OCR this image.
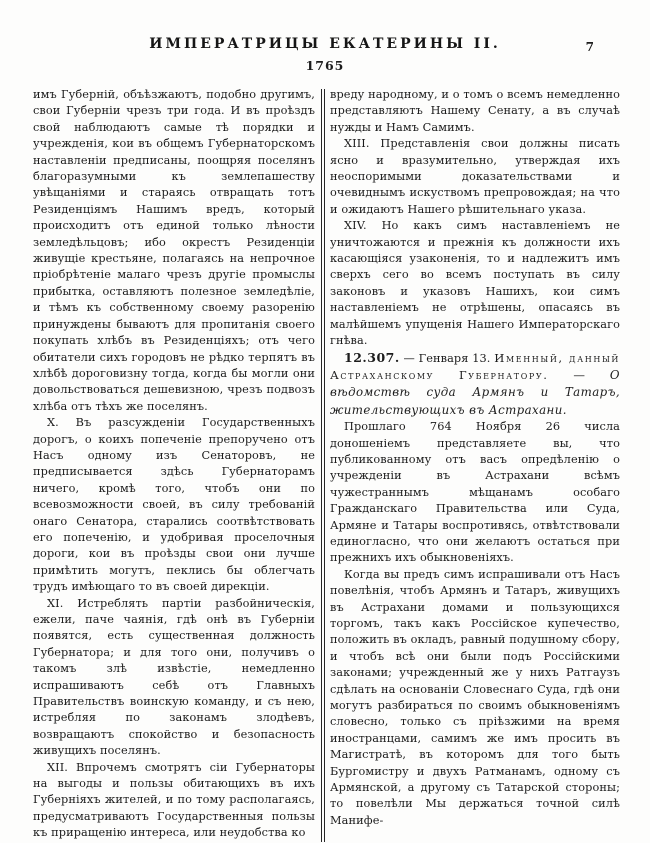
ИМПЕРАТРИЦЫ ЕКАТЕРИНЫ II.	7
1765

имъ Губерній, объѣзжаютъ, подобно другимъ, свои Губерніи чрезъ три года. И въ проѣздъ свой наблюдаютъ самые тѣ порядки и учрежденія, кои въ общемъ Губернаторскомъ наставленіи предписаны, поощряя поселянъ благоразумными къ землепашеству увѣщаніями и стараясь отвращать тотъ Резиденціямъ Нашимъ вредъ, который происходитъ отъ единой только лѣности земледѣльцовъ; ибо окрестъ Резиденціи живущіе крестьяне, полагаясь на непрочное пріобрѣтеніе малаго чрезъ другіе промыслы прибытка, оставляютъ полезное земледѣліе, и тѣмъ къ собственному своему разоренію принуждены бываютъ для пропитанія своего покупать хлѣбъ въ Резиденціяхъ; отъ чего обитатели сихъ городовъ не рѣдко терпятъ въ хлѣбѣ дороговизну тогда, когда бы могли они довольствоваться дешевизною, чрезъ подвозъ хлѣба отъ тѣхъ же поселянъ.

X. Въ разсужденіи Государственныхъ дорогъ, о коихъ попеченіе препоручено отъ Насъ одному изъ Сенаторовъ, не предписывается здѣсь Губернаторамъ ничего, кромѣ того, чтобъ они по всевозможности своей, въ силу требованій онаго Сенатора, старались соотвѣтствовать его попеченію, и удобривая проселочныя дороги, кои въ проѣзды свои они лучше примѣтить могутъ, пеклись бы облегчать трудъ имѣющаго то въ своей дирекціи.

XI. Истреблять партіи разбойническія, ежели, паче чаянія, гдѣ онѣ въ Губерніи появятся, есть существенная должность Губернатора; и для того они, получивъ о такомъ злѣ извѣстіе, немедленно испрашиваютъ себѣ отъ Главныхъ Правительствъ воинскую команду, и съ нею, истребляя по законамъ злодѣевъ, возвращаютъ спокойство и безопасность живущихъ поселянъ.

XII. Впрочемъ смотрятъ сіи Губернаторы на выгоды и пользы обитающихъ въ ихъ Губерніяхъ жителей, и по тому располагаясь, предусматриваютъ Государственныя пользы къ приращенію интереса, или неудобства ко

вреду народному, и о томъ о всемъ немедленно представляютъ Нашему Сенату, а въ случаѣ нужды и Намъ Самимъ.

XIII. Представленія свои должны писать ясно и вразумительно, утверждая ихъ неоспоримыми доказательствами и очевиднымъ искуствомъ препровождая; на что и ожидаютъ Нашего рѣшительнаго указа.

XIV. Но какъ симъ наставленіемъ не уничтожаются и прежнія къ должности ихъ касающіяся узаконенія, то и надлежитъ имъ сверхъ сего во всемъ поступать въ силу законовъ и указовъ Нашихъ, кои симъ наставленіемъ не отрѣшены, опасаясь въ малѣйшемъ упущенія Нашего Императорскаго гнѣва.

12.307. — Генваря 13. Именный, данный Астраханскому Губернатору. — О вѣдомствѣ суда Армянъ и Татаръ, жительствующихъ въ Астрахани.

Прошлаго 764 Ноября 26 числа доношеніемъ представляете вы, что публикованному отъ васъ опредѣленію о учрежденіи въ Астрахани всѣмъ чужестраннымъ мѣщанамъ особаго Гражданскаго Правительства или Суда, Армяне и Татары воспротивясь, отвѣтствовали единогласно, что они желаютъ остаться при прежнихъ ихъ обыкновеніяхъ.

Когда вы предъ симъ испрашивали отъ Насъ повелѣнія, чтобъ Армянъ и Татаръ, живущихъ въ Астрахани домами и пользующихся торгомъ, такъ какъ Россійское купечество, положить въ окладъ, равный подушному сбору, и чтобъ всѣ они были подъ Россійскими законами; учрежденный же у нихъ Ратгаузъ сдѣлать на основаніи Словеснаго Суда, гдѣ они могутъ разбираться по своимъ обыкновеніямъ словесно, только съ пріѣзжими на время иностранцами, самимъ же имъ просить въ Магистратѣ, въ которомъ для того быть Бургомистру и двухъ Ратманамъ, одному съ Армянской, а другому съ Татарской стороны; то повелѣли Мы держаться точной силѣ Манифе-
